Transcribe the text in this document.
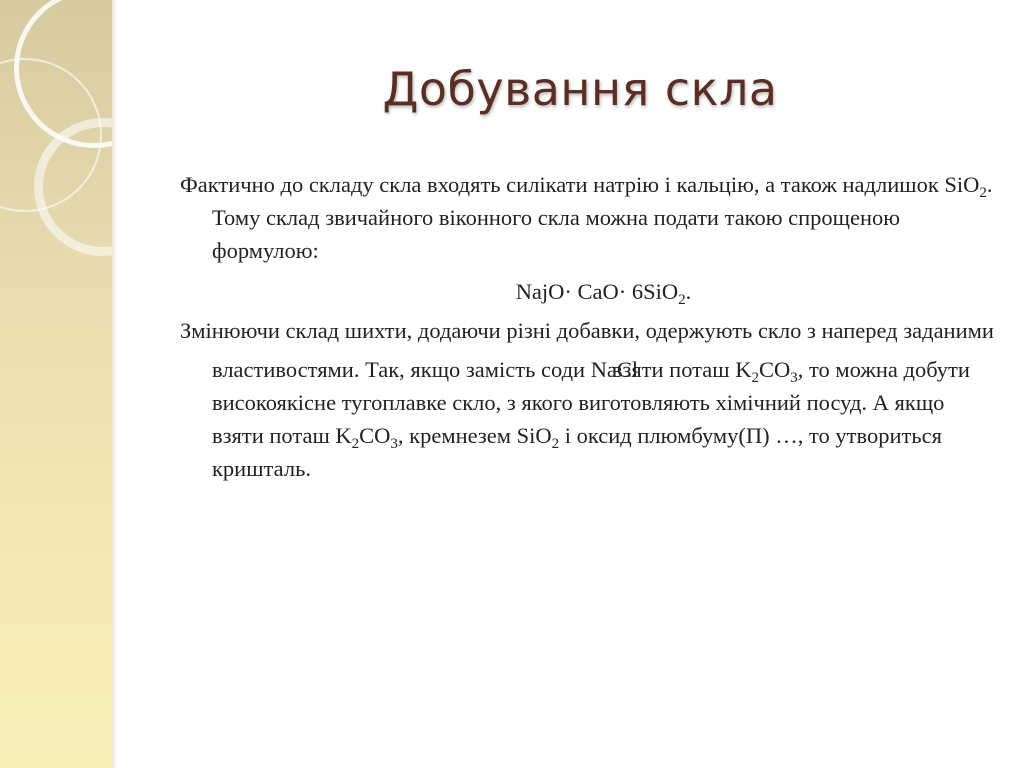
Добування скла

Фактично до складу скла входять силікати натрію і кальцію, а також надлишок SiO$_2$. Тому склад звичайного віконного скла можна подати такою спрощеною формулою:

NajO· CaO· 6SiO$_2$.

Змінюючи склад шихти, додаючи різні добавки, одержують скло з наперед заданими властивостями. Так, якщо замість соди NaCl взяти поташ $K_2CO_3$, то можна добути високоякісне тугоплавке скло, з якого виготовляють хімічний посуд. А якщо взяти поташ $K_2CO_3$, кремнезем SiO$_2$ і оксид плюмбуму(П) …, то утвориться кришталь.
